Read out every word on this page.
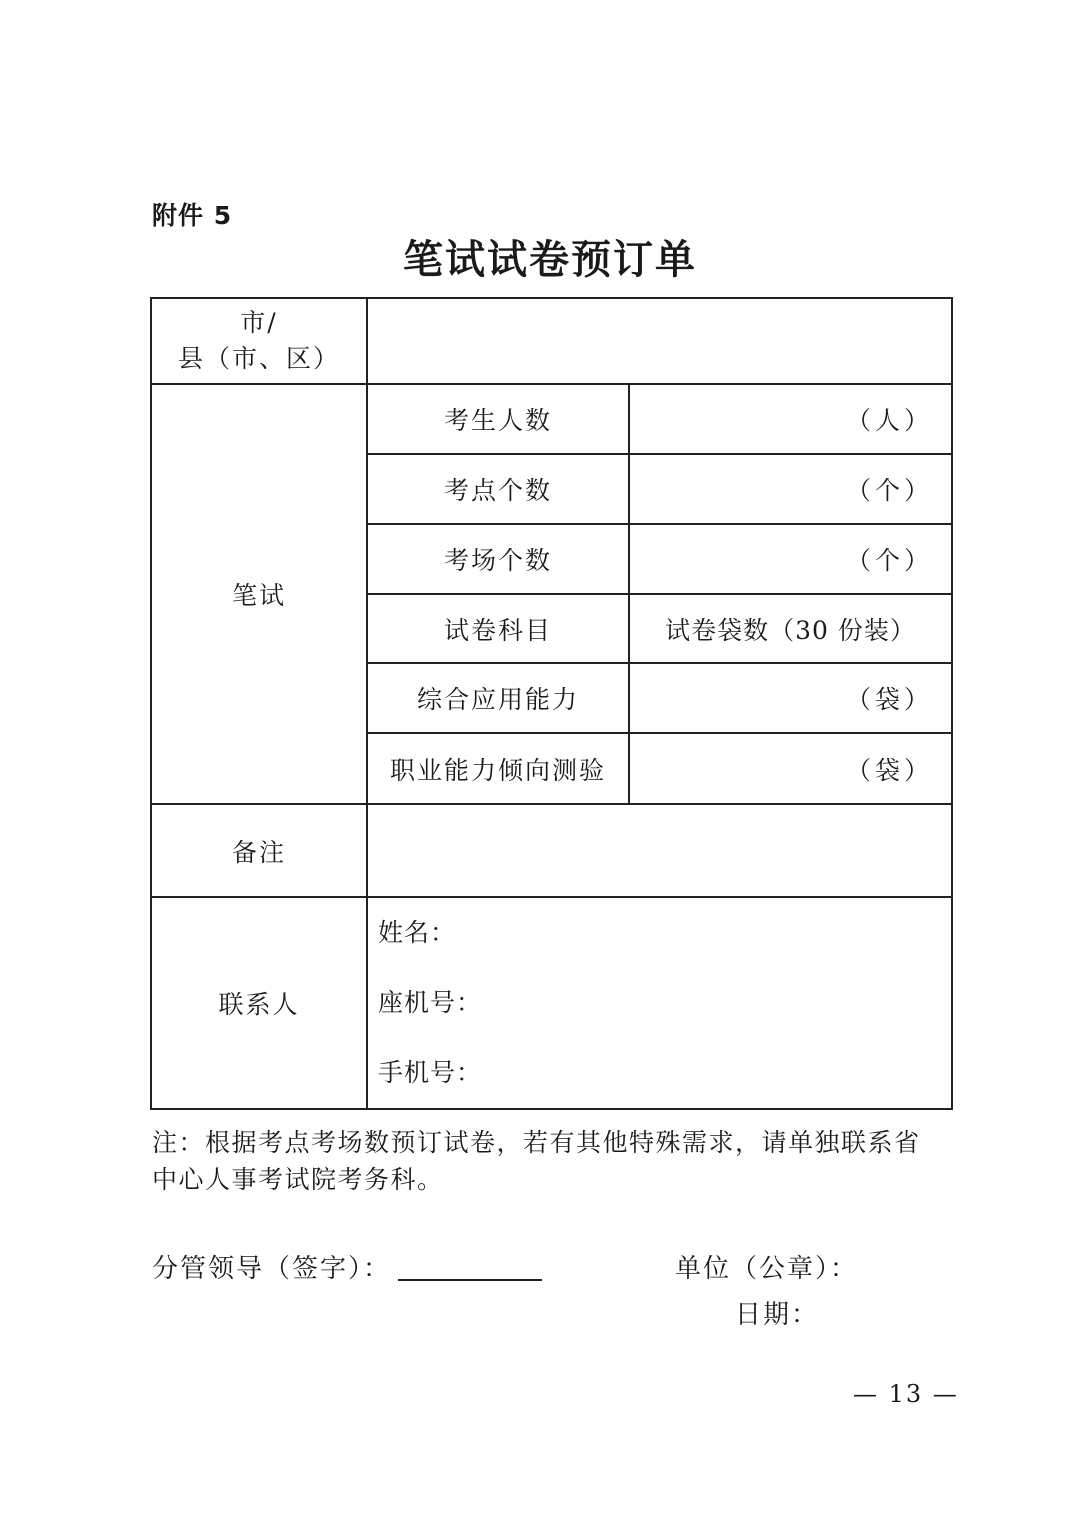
附件 5
笔试试卷预订单
市/
县（市、区）		

笔试	考生人数	（人）
	考点个数	（个）
	考场个数	（个）
	试卷科目	试卷袋数（30 份装）
	综合应用能力	（袋）
	职业能力倾向测验	（袋）
备注		
联系人	姓名：
座机号：
手机号：	
注：根据考点考场数预订试卷，若有其他特殊需求，请单独联系省
中心人事考试院考务科。
分管领导（签字）：	单位（公章）：
日期：
— 13 —
